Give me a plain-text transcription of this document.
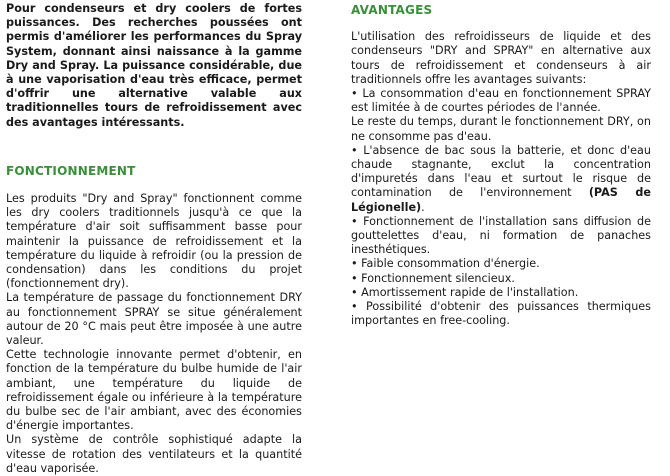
Pour condenseurs et dry coolers de fortes puissances. Des recherches poussées ont permis d'améliorer les performances du Spray System, donnant ainsi naissance à la gamme Dry and Spray. La puissance considérable, due à une vaporisation d'eau très efficace, permet d'offrir une alternative valable aux traditionnelles tours de refroidissement avec des avantages intéressants.

FONCTIONNEMENT

Les produits "Dry and Spray" fonctionnent comme les dry coolers traditionnels jusqu'à ce que la température d'air soit suffisamment basse pour maintenir la puissance de refroidissement et la température du liquide à refroidir (ou la pression de condensation) dans les conditions du projet (fonctionnement dry).

La température de passage du fonctionnement DRY au fonctionnement SPRAY se situe généralement autour de 20 °C mais peut être imposée à une autre valeur.

Cette technologie innovante permet d'obtenir, en fonction de la température du bulbe humide de l'air ambiant, une température du liquide de refroidissement égale ou inférieure à la température du bulbe sec de l'air ambiant, avec des économies d'énergie importantes.

Un système de contrôle sophistiqué adapte la vitesse de rotation des ventilateurs et la quantité d'eau vaporisée.

AVANTAGES

L'utilisation des refroidisseurs de liquide et des condenseurs "DRY and SPRAY" en alternative aux tours de refroidissement et condenseurs à air traditionnels offre les avantages suivants:

• La consommation d'eau en fonctionnement SPRAY est limitée à de courtes périodes de l'année.

Le reste du temps, durant le fonctionnement DRY, on ne consomme pas d'eau.

• L'absence de bac sous la batterie, et donc d'eau chaude stagnante, exclut la concentration d'impuretés dans l'eau et surtout le risque de contamination de l'environnement (PAS de Légionelle).

• Fonctionnement de l'installation sans diffusion de gouttelettes d'eau, ni formation de panaches inesthétiques.

• Faible consommation d'énergie.

• Fonctionnement silencieux.

• Amortissement rapide de l'installation.

• Possibilité d'obtenir des puissances thermiques importantes en free-cooling.
